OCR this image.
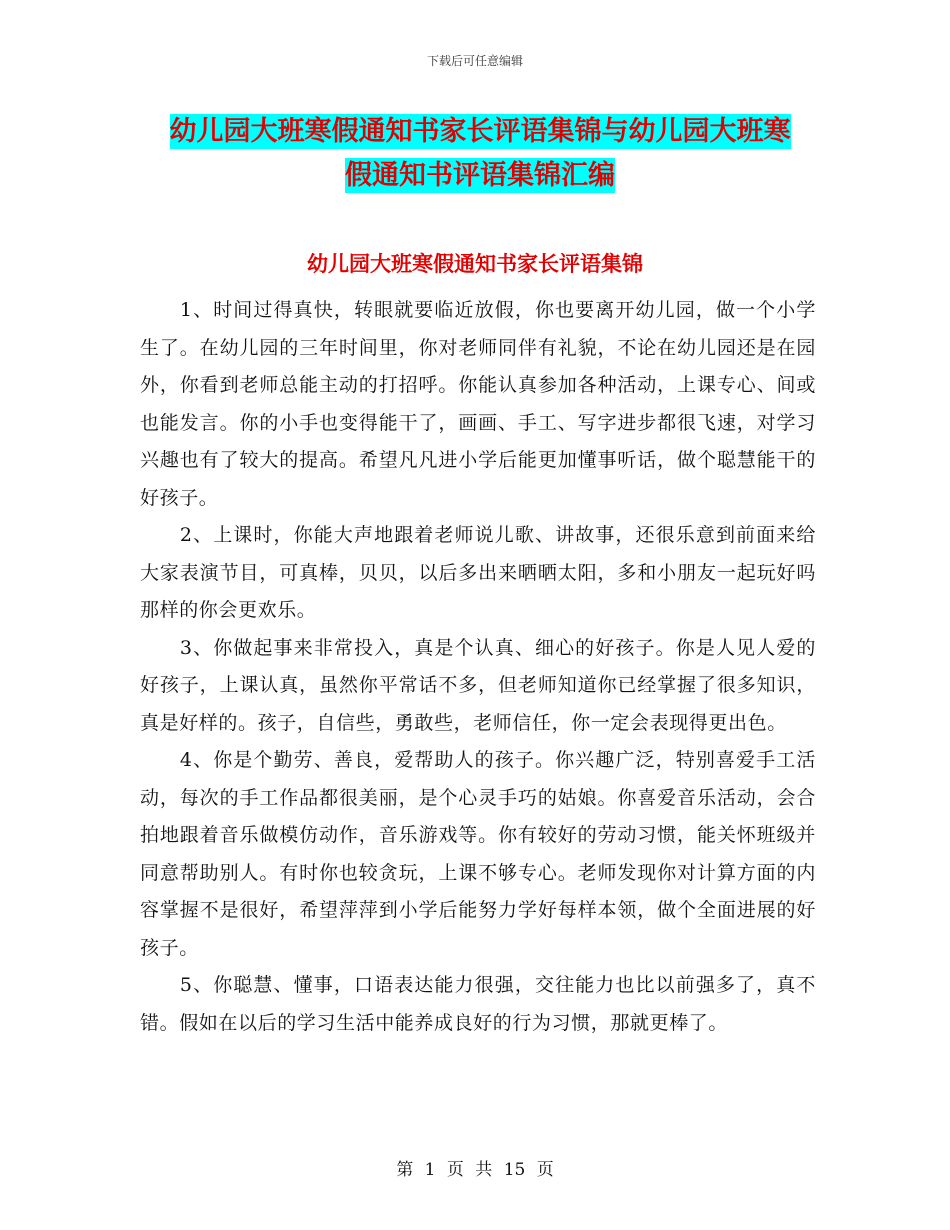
下载后可任意编辑
幼儿园大班寒假通知书家长评语集锦与幼儿园大班寒
假通知书评语集锦汇编
幼儿园大班寒假通知书家长评语集锦

1、时间过得真快，转眼就要临近放假，你也要离开幼儿园，做一个小学生了。在幼儿园的三年时间里，你对老师同伴有礼貌，不论在幼儿园还是在园外，你看到老师总能主动的打招呼。你能认真参加各种活动，上课专心、间或也能发言。你的小手也变得能干了，画画、手工、写字进步都很飞速，对学习兴趣也有了较大的提高。希望凡凡进小学后能更加懂事听话，做个聪慧能干的好孩子。

2、上课时，你能大声地跟着老师说儿歌、讲故事，还很乐意到前面来给大家表演节目，可真棒，贝贝，以后多出来晒晒太阳，多和小朋友一起玩好吗 那样的你会更欢乐。

3、你做起事来非常投入，真是个认真、细心的好孩子。你是人见人爱的好孩子，上课认真，虽然你平常话不多，但老师知道你已经掌握了很多知识，真是好样的。孩子，自信些，勇敢些，老师信任，你一定会表现得更出色。

4、你是个勤劳、善良，爱帮助人的孩子。你兴趣广泛，特别喜爱手工活动，每次的手工作品都很美丽，是个心灵手巧的姑娘。你喜爱音乐活动，会合拍地跟着音乐做模仿动作，音乐游戏等。你有较好的劳动习惯，能关怀班级并同意帮助别人。有时你也较贪玩，上课不够专心。老师发现你对计算方面的内容掌握不是很好，希望萍萍到小学后能努力学好每样本领，做个全面进展的好孩子。

5、你聪慧、懂事，口语表达能力很强，交往能力也比以前强多了，真不错。假如在以后的学习生活中能养成良好的行为习惯，那就更棒了。

第 1 页 共 15 页
